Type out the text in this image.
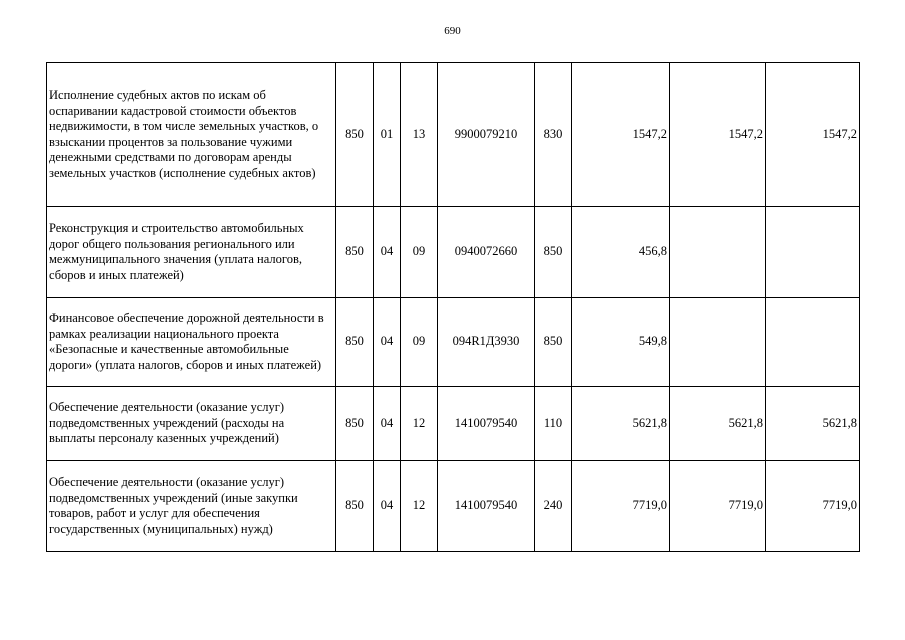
690
Исполнение судебных актов по искам об оспаривании кадастровой стоимости объектов недвижимости, в том числе земельных участков, о взыскании процентов за пользование чужими денежными средствами по договорам аренды земельных участков (исполнение судебных актов)	850	01	13	9900079210	830	1547,2	1547,2	1547,2
Реконструкция и строительство автомобильных дорог общего пользования регионального или межмуниципального значения (уплата налогов, сборов и иных платежей)	850	04	09	0940072660	850	456,8		
Финансовое обеспечение дорожной деятельности в рамках реализации национального проекта «Безопасные и качественные автомобильные дороги» (уплата налогов, сборов и иных платежей)	850	04	09	094R1Д3930	850	549,8		
Обеспечение деятельности (оказание услуг) подведомственных учреждений (расходы на выплаты персоналу казенных учреждений)	850	04	12	1410079540	110	5621,8	5621,8	5621,8
Обеспечение деятельности (оказание услуг) подведомственных учреждений (иные закупки товаров, работ и услуг для обеспечения государственных (муниципальных) нужд)	850	04	12	1410079540	240	7719,0	7719,0	7719,0
